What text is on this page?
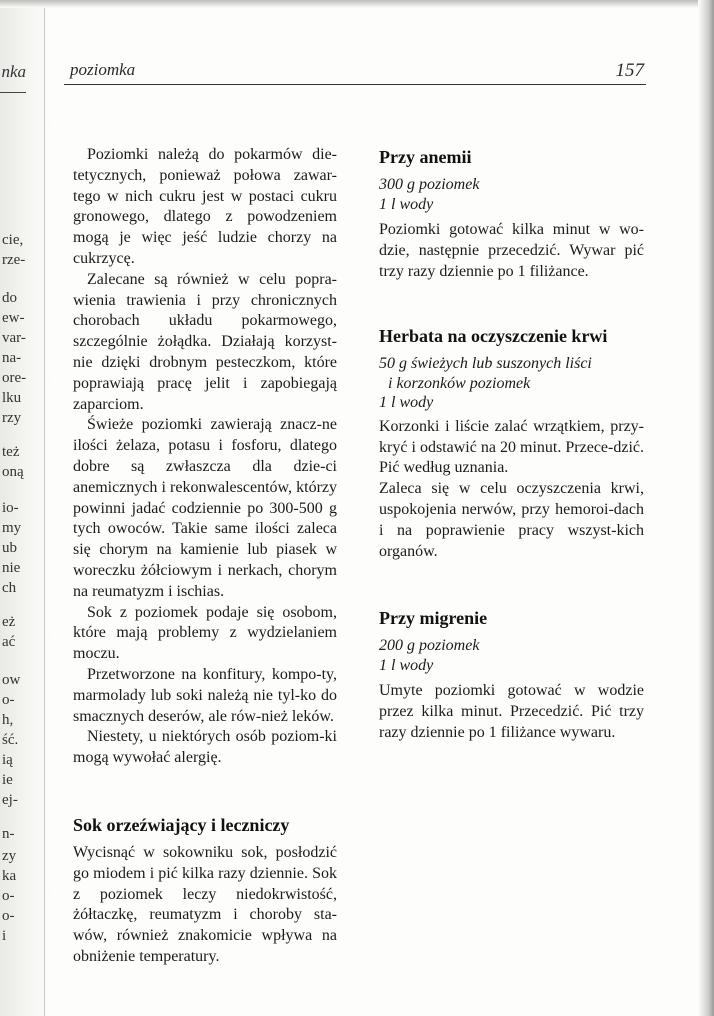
nka
cie,
rze-
do
ew-
var-
na-
ore-
lku
rzy
też
oną
io-
my
ub
nie
ch
eż
ać
ow
o-
h,
ść.
ią
ie
ej-
n-
zy
ka
o-
o-
i
poziomka	157

Poziomki należą do pokarmów die-tetycznych, ponieważ połowa zawar-tego w nich cukru jest w postaci cukru gronowego, dlatego z powodzeniem mogą je więc jeść ludzie chorzy na cukrzycę.

Zalecane są również w celu popra-wienia trawienia i przy chronicznych chorobach układu pokarmowego, szczególnie żołądka. Działają korzyst-nie dzięki drobnym pesteczkom, które poprawiają pracę jelit i zapobiegają zaparciom.

Świeże poziomki zawierają znacz-ne ilości żelaza, potasu i fosforu, dlatego dobre są zwłaszcza dla dzie-ci anemicznych i rekonwalescentów, którzy powinni jadać codziennie po 300-500 g tych owoców. Takie same ilości zaleca się chorym na kamienie lub piasek w woreczku żółciowym i nerkach, chorym na reumatyzm i ischias.

Sok z poziomek podaje się osobom, które mają problemy z wydzielaniem moczu.

Przetworzone na konfitury, kompo-ty, marmolady lub soki należą nie tyl-ko do smacznych deserów, ale rów-nież leków.

Niestety, u niektórych osób poziom-ki mogą wywołać alergię.

Sok orzeźwiający i leczniczy

Wycisnąć w sokowniku sok, posłodzić go miodem i pić kilka razy dziennie. Sok z poziomek leczy niedokrwistość, żółtaczkę, reumatyzm i choroby sta-wów, również znakomicie wpływa na obniżenie temperatury.

Przy anemii
300 g poziomek
1 l wody

Poziomki gotować kilka minut w wo-dzie, następnie przecedzić. Wywar pić trzy razy dziennie po 1 filiżance.

Herbata na oczyszczenie krwi
50 g świeżych lub suszonych liści
i korzonków poziomek
1 l wody

Korzonki i liście zalać wrzątkiem, przy-kryć i odstawić na 20 minut. Przece-dzić. Pić według uznania.

Zaleca się w celu oczyszczenia krwi, uspokojenia nerwów, przy hemoroi-dach i na poprawienie pracy wszyst-kich organów.

Przy migrenie
200 g poziomek
1 l wody

Umyte poziomki gotować w wodzie przez kilka minut. Przecedzić. Pić trzy razy dziennie po 1 filiżance wywaru.
